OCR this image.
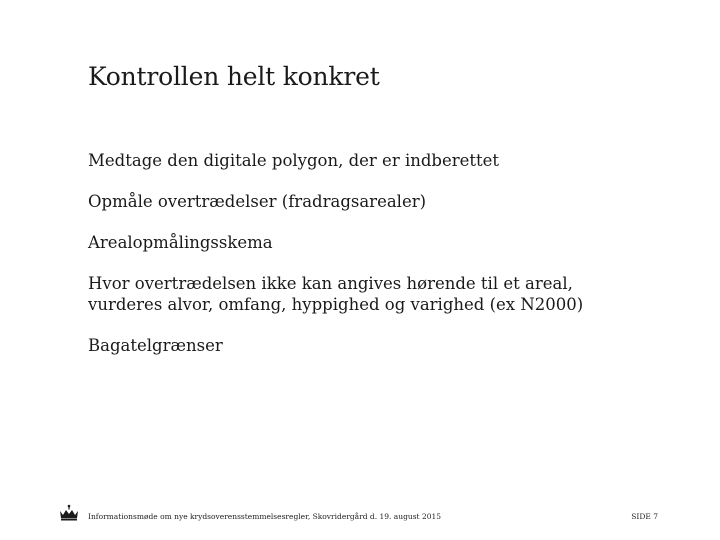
Kontrollen helt konkret
Medtage den digitale polygon, der er indberettet
Opmåle overtrædelser (fradragsarealer)
Arealopmålingsskema
Hvor overtrædelsen ikke kan angives hørende til et areal, vurderes alvor, omfang, hyppighed og varighed (ex N2000)
Bagatelgrænser
Informationsmøde om nye krydsoverensstemmelsesregler, Skovridergård d. 19. august 2015	SIDE 7
